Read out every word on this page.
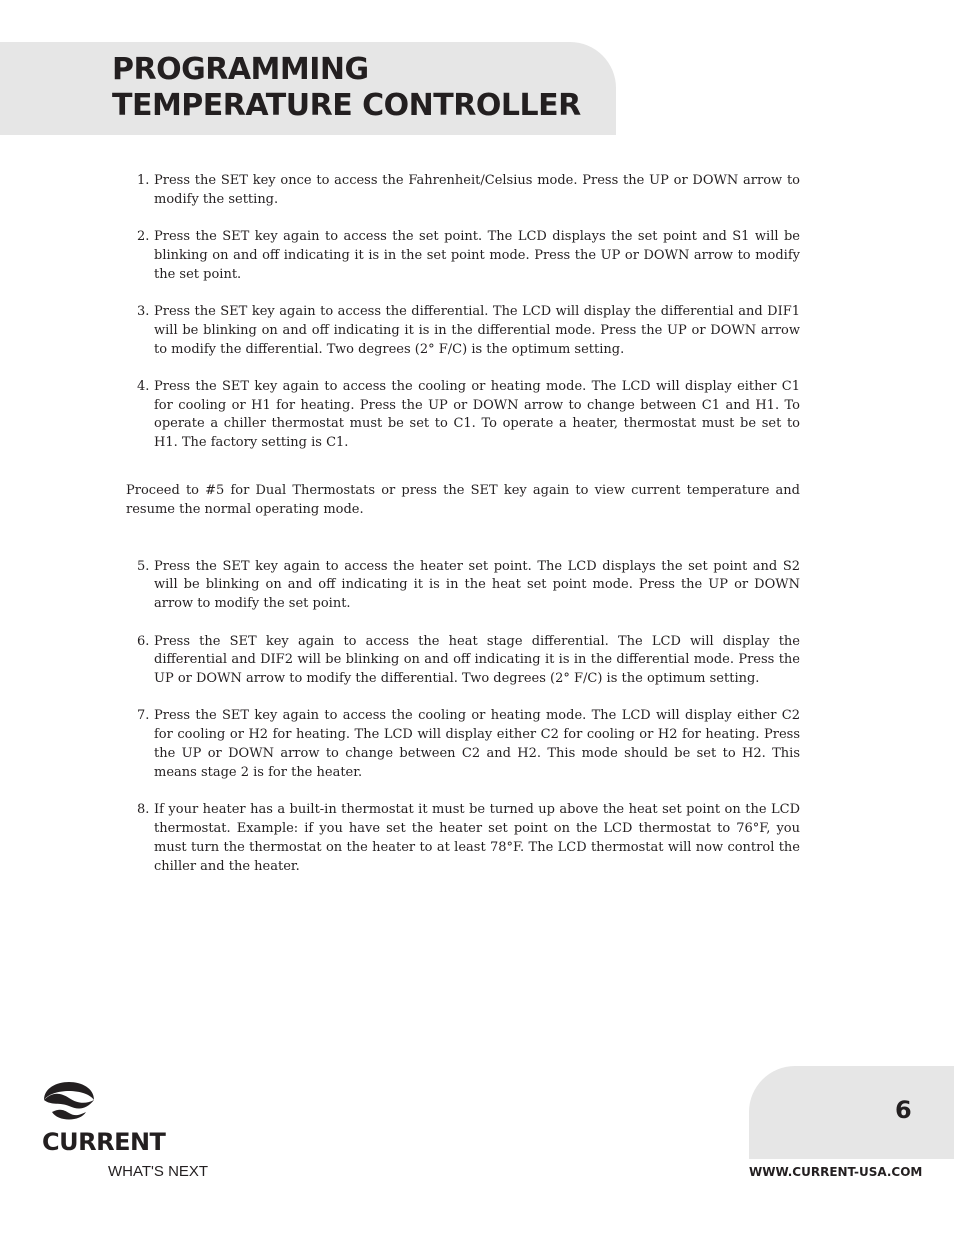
PROGRAMMING
TEMPERATURE CONTROLLER
1. Press the SET key once to access the Fahrenheit/Celsius mode. Press the UP or DOWN arrow to modify the setting.
2. Press the SET key again to access the set point. The LCD displays the set point and S1 will be blinking on and off indicating it is in the set point mode. Press the UP or DOWN arrow to modify the set point.
3. Press the SET key again to access the differential. The LCD will display the differential and DIF1 will be blinking on and off indicating it is in the differential mode. Press the UP or DOWN arrow to modify the differential. Two degrees (2° F/C) is the optimum setting.
4. Press the SET key again to access the cooling or heating mode. The LCD will display either C1 for cooling or H1 for heating. Press the UP or DOWN arrow to change between C1 and H1. To operate a chiller thermostat must be set to C1. To operate a heater, thermostat must be set to H1. The factory setting is C1.

Proceed to #5 for Dual Thermostats or press the SET key again to view current temperature and resume the normal operating mode.

5. Press the SET key again to access the heater set point. The LCD displays the set point and S2 will be blinking on and off indicating it is in the heat set point mode. Press the UP or DOWN arrow to modify the set point.
6. Press the SET key again to access the heat stage differential. The LCD will display the differential and DIF2 will be blinking on and off indicating it is in the differential mode. Press the UP or DOWN arrow to modify the differential. Two degrees (2° F/C) is the optimum setting.
7. Press the SET key again to access the cooling or heating mode. The LCD will display either C2 for cooling or H2 for heating. The LCD will display either C2 for cooling or H2 for heating. Press the UP or DOWN arrow to change between C2 and H2. This mode should be set to H2. This means stage 2 is for the heater.
8. If your heater has a built-in thermostat it must be turned up above the heat set point on the LCD thermostat. Example: if you have set the heater set point on the LCD thermostat to 76°F, you must turn the thermostat on the heater to at least 78°F. The LCD thermostat will now control the chiller and the heater.
CURRENT
WHAT'S NEXT
6
WWW.CURRENT-USA.COM
